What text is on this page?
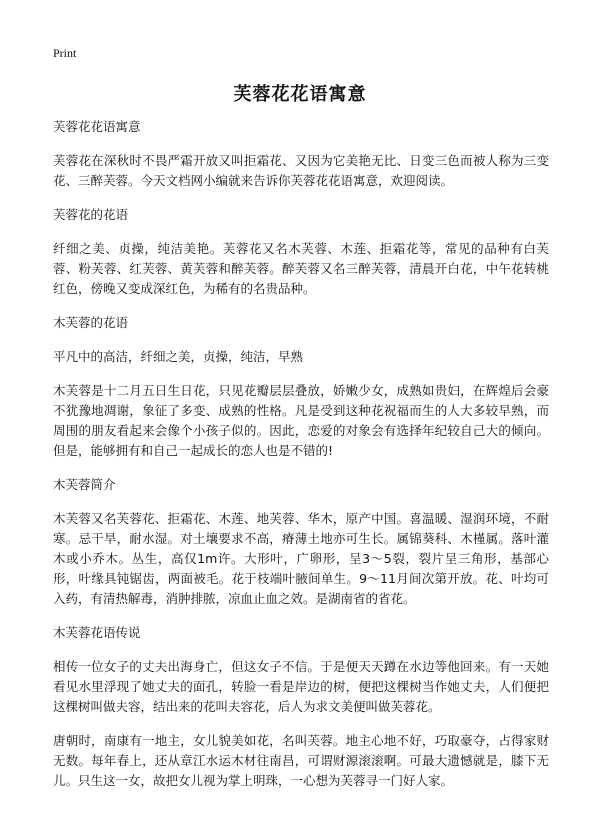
Print
芙蓉花花语寓意
芙蓉花花语寓意

芙蓉花在深秋时不畏严霜开放又叫拒霜花、又因为它美艳无比、日变三色而被人称为三变花、三醉芙蓉。今天文档网小编就来告诉你芙蓉花花语寓意，欢迎阅读。

芙蓉花的花语

纤细之美、贞操，纯洁美艳。芙蓉花又名木芙蓉、木莲、拒霜花等，常见的品种有白芙蓉、粉芙蓉、红芙蓉、黄芙蓉和醉芙蓉。醉芙蓉又名三醉芙蓉，清晨开白花，中午花转桃红色，傍晚又变成深红色，为稀有的名贵品种。

木芙蓉的花语

平凡中的高洁，纤细之美，贞操，纯洁，早熟

木芙蓉是十二月五日生日花，只见花瓣层层叠放，娇嫩少女，成熟如贵妇，在辉煌后会豪不犹豫地凋谢，象征了多变、成熟的性格。凡是受到这种花祝福而生的人大多较早熟，而周围的朋友看起来会像个小孩子似的。因此，恋爱的对象会有选择年纪较自己大的倾向。但是，能够拥有和自己一起成长的恋人也是不错的!

木芙蓉简介

木芙蓉又名芙蓉花、拒霜花、木莲、地芙蓉、华木，原产中国。喜温暖、湿润环境，不耐寒。忌干旱，耐水湿。对土壤要求不高，瘠薄土地亦可生长。属锦葵科、木槿属。落叶灌木或小乔木。丛生，高仅1m许。大形叶，广卵形，呈3～5裂，裂片呈三角形，基部心形，叶缘具钝锯齿，两面被毛。花于枝端叶腋间单生。9～11月间次第开放。花、叶均可入药，有清热解毒，消肿排脓，凉血止血之效。是湖南省的省花。

木芙蓉花语传说

相传一位女子的丈夫出海身亡，但这女子不信。于是便天天蹲在水边等他回来。有一天她看见水里浮现了她丈夫的面孔，转脸一看是岸边的树，便把这棵树当作她丈夫，人们便把这棵树叫做夫容，结出来的花叫夫容花，后人为求文美便叫做芙蓉花。

唐朝时，南康有一地主，女儿貌美如花，名叫芙蓉。地主心地不好，巧取豪夺，占得家财无数。每年春上，还从章江水运木材往南昌，可谓财源滚滚啊。可最大遗憾就是，膝下无儿。只生这一女，故把女儿视为掌上明珠，一心想为芙蓉寻一门好人家。
